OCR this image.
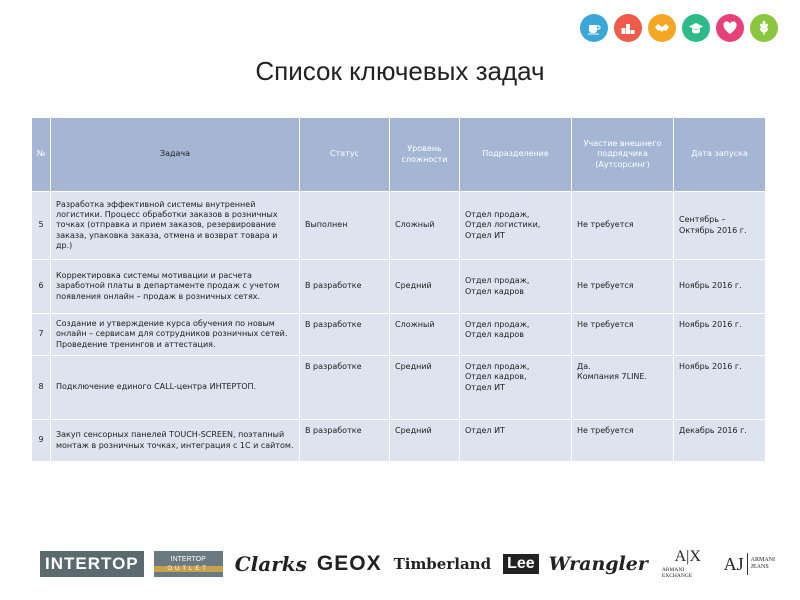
Список ключевых задач
№	Задача	Статус	Уровень сложности	Подразделение	Участие внешнего подрядчика (Аутсорсинг)	Дата запуска
5	Разработка эффективной системы внутренней логистики. Процесс обработки заказов в розничных точках (отправка и прием заказов, резервирование заказа, упаковка заказа, отмена и возврат товара и др.)	Выполнен	Сложный	Отдел продаж,
Отдел логистики,
Отдел ИТ	Не требуется	Сентябрь – Октябрь 2016 г.
6	Корректировка системы мотивации и расчета заработной платы в департаменте продаж с учетом появления онлайн – продаж в розничных сетях.	В разработке	Средний	Отдел продаж,
Отдел кадров	Не требуется	Ноябрь 2016 г.
7	Создание и утверждение курса обучения по новым онлайн – сервисам для сотрудников розничных сетей. Проведение тренингов и аттестация.	В разработке	Сложный	Отдел продаж,
Отдел кадров	Не требуется	Ноябрь 2016 г.
8	Подключение единого CALL-центра ИНТЕРТОП.	В разработке	Средний	Отдел продаж,
Отдел кадров,
Отдел ИТ	Да.
Компания 7LINE.	Ноябрь 2016 г.
9	Закуп сенсорных панелей TOUCH-SCREEN, поэтапный монтаж в розничных точках, интеграция с 1С и сайтом.	В разработке	Средний	Отдел ИТ	Не требуется	Декабрь 2016 г.
INTERTOP	INTERTOP
OUTLET	Clarks GEOX Timberland Lee Wrangler A|X
ARMANI EXCHANGE
AJ ARMANI
JEANS
